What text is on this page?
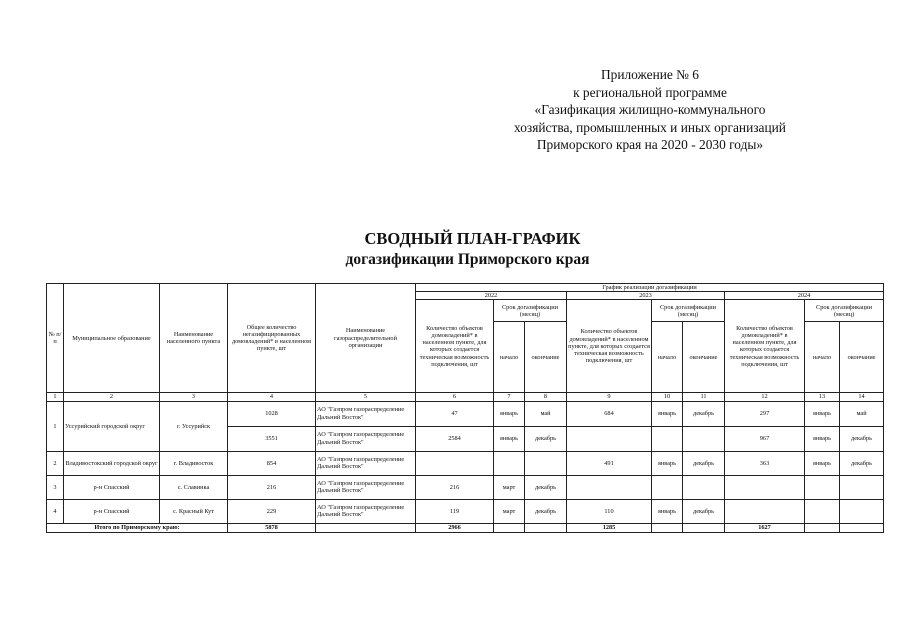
Приложение № 6
к региональной программе
«Газификация жилищно-коммунального
хозяйства, промышленных и иных организаций
Приморского края на 2020 - 2030 годы»
СВОДНЫЙ ПЛАН-ГРАФИК
догазификации Приморского края
№ п/п	Муниципальное образование	Наименование населенного пункта	Общее количество негазифицированных домовладений* в населенном пункте, шт	Наименование газораспределительной организации	График реализации догазификации								
					2022			2023			2024		
					Количество объектов домовладений* в населенном пункте, для которых создается техническая возможность подключения, шт	Срок догазификации (месяц)		Количество объектов домовладений* в населенном пункте, для которых создается техническая возможность подключения, шт	Срок догазификации (месяц)		Количество объектов домовладений* в населенном пункте, для которых создается техническая возможность подключения, шт	Срок догазификации (месяц)	
						начало	окончание		начало	окончание		начало	окончание
1	2	3	4	5	6	7	8	9	10	11	12	13	14
1	Уссурийский городской округ	г. Уссурийск	1028	АО "Газпром газораспределение Дальний Восток"	47	январь	май	684	январь	декабрь	297	январь	май
			3551	АО "Газпром газораспределение Дальний Восток"	2584	январь	декабрь				967	январь	декабрь
2	Владивостокский городской округ	г. Владивосток	854	АО "Газпром газораспределение Дальний Восток"				491	январь	декабрь	363	январь	декабрь
3	р-н Спасский	с. Славинка	216	АО "Газпром газораспределение Дальний Восток"	216	март	декабрь						
4	р-н Спасский	с. Красный Кут	229	АО "Газпром газораспределение Дальний Восток"	119	март	декабрь	110	январь	декабрь			
Итого по Приморскому краю:			5878		2966			1285			1627		
